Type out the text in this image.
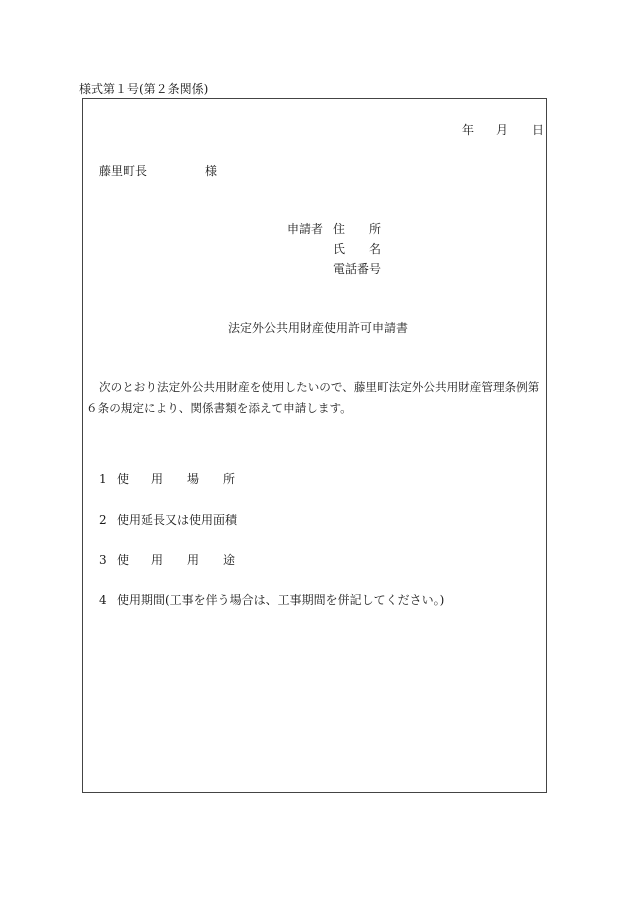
様式第１号(第２条関係)
年 月 日
藤里町長	様
申請者 住 所
氏 名
電話番号
法定外公共用財産使用許可申請書
次のとおり法定外公共用財産を使用したいので、藤里町法定外公共用財産管理条例第
６条の規定により、関係書類を添えて申請します。
1 使 用 場 所
2 使用延長又は使用面積
3 使 用 用 途
4 使用期間(工事を伴う場合は、工事期間を併記してください。)
